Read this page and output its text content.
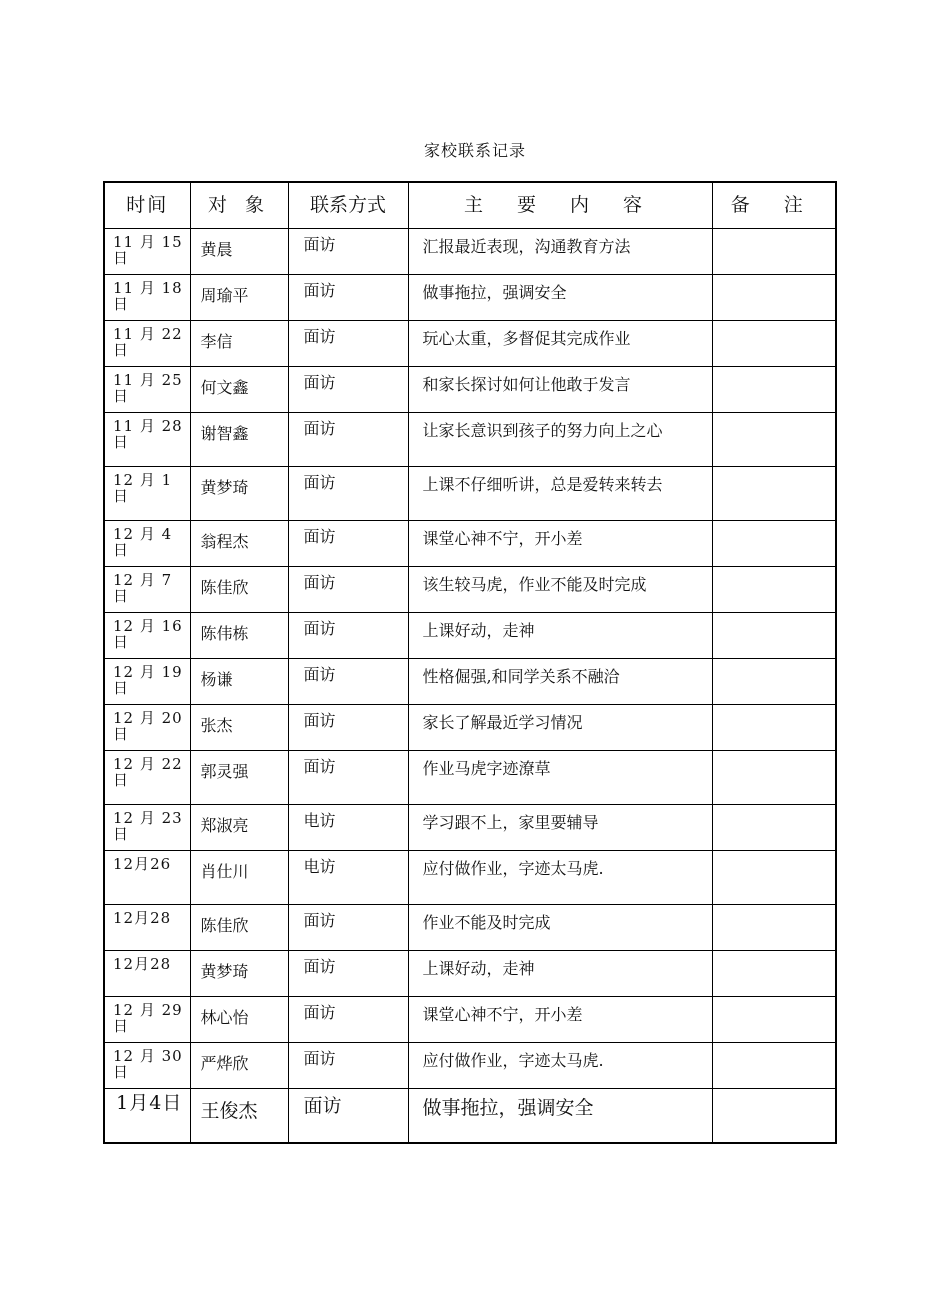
家校联系记录
时间	对 象	联系方式	主 要 内 容	备 注

11 月 15 日	黄晨	面访	汇报最近表现，沟通教育方法	

11 月 18 日	周瑜平	面访	做事拖拉，强调安全	

11 月 22 日	李信	面访	玩心太重，多督促其完成作业	

11 月 25 日	何文鑫	面访	和家长探讨如何让他敢于发言	

11 月 28 日	谢智鑫	面访	让家长意识到孩子的努力向上之心	

12 月 1 日	黄梦琦	面访	上课不仔细听讲，总是爱转来转去	

12 月 4 日	翁程杰	面访	课堂心神不宁，开小差	

12 月 7 日	陈佳欣	面访	该生较马虎，作业不能及时完成	

12 月 16 日	陈伟栋	面访	上课好动，走神	

12 月 19 日	杨谦	面访	性格倔强,和同学关系不融洽	

12 月 20 日	张杰	面访	家长了解最近学习情况	

12 月 22 日	郭灵强	面访	作业马虎字迹潦草	

12 月 23 日	郑淑亮	电访	学习跟不上，家里要辅导	

12月26	肖仕川	电访	应付做作业，字迹太马虎.	

12月28	陈佳欣	面访	作业不能及时完成	

12月28	黄梦琦	面访	上课好动，走神	

12 月 29 日	林心怡	面访	课堂心神不宁，开小差	

12 月 30 日	严烨欣	面访	应付做作业，字迹太马虎.	

1月4日	王俊杰	面访	做事拖拉，强调安全	
